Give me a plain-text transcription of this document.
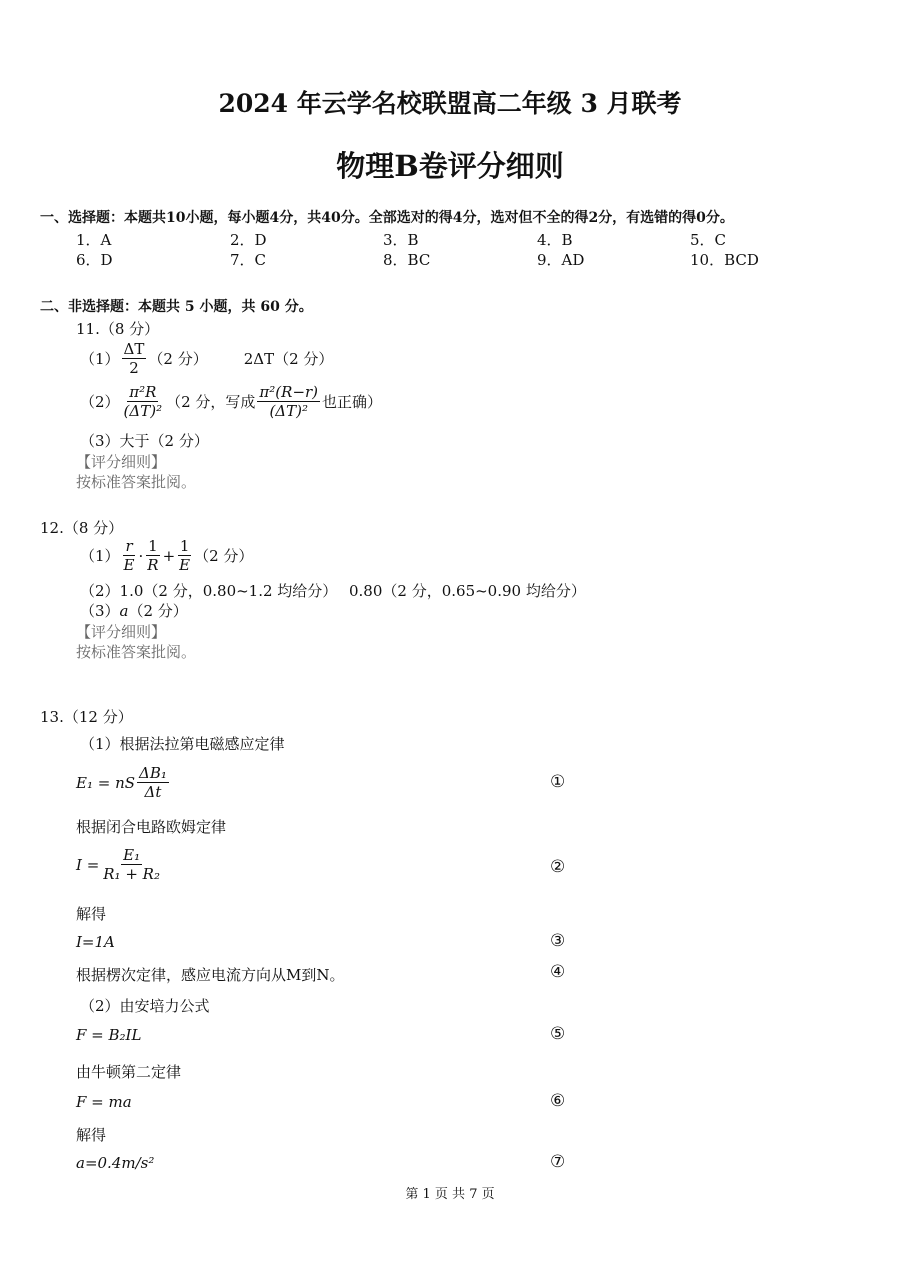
2024 年云学名校联盟高二年级 3 月联考
物理B卷评分细则
一、选择题：本题共10小题，每小题4分，共40分。全部选对的得4分，选对但不全的得2分，有选错的得0分。
1．A	2．D	3．B	4．B	5．C
6．D	7．C	8．BC	9．AD	10．BCD
二、非选择题：本题共 5 小题，共 60 分。
11.（8 分）
$(1) \frac{\Delta T}{2} (2$ 分） 2ΔT （2 分）
$(2) \frac{\text{π²R}}{\text{(ΔT)²}} (2$ 分，写成 $\frac{\text{π²(R−r)}}{\text{(ΔT)²}}$ 也正确）
（3）大于（2 分）
【评分细则】
按标准答案批阅。
12.（8 分）
$(1) \frac{r}{E} \cdot \frac{1}{R} + \frac{1}{E} (2$ 分）
（2）1.0（2 分，0.80~1.2 均给分） 0.80（2 分，0.65~0.90 均给分）
（3）a（2 分）
【评分细则】
按标准答案批阅。
13.（12 分）
（1）根据法拉第电磁感应定律
E₁ = nS $\frac{\text{ΔB₁}}{\Delta t}$	①
根据闭合电路欧姆定律
$I = \frac{\text{E₁}}{\text{R₁ + R₂}}$	②
解得
I=1A	③
根据楞次定律，感应电流方向从M到N。	④
（2）由安培力公式
F = B₂IL	⑤
由牛顿第二定律
F = ma	⑥
解得
a=0.4m/s²	⑦
第 1 页 共 7 页
